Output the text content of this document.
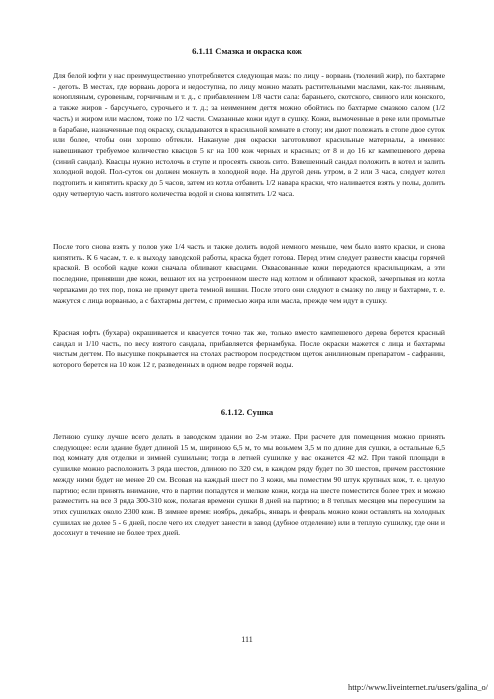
6.1.11 Смазка и окраска кож

Для белой юфти у нас преимущественно употребляется следующая мазь: по лицу - ворвань (тюлений жир), по бахтарме - деготь. В местах, где ворвань дорога и недоступна, по лицу можно мазать растительными маслами, как-то: льняным, конопляным, суровеным, горчичным и т. д., с прибавлением 1/8 части сала: бараньего, скотского, свиного или конского, а также жиров - барсучьего, сурочьего и т. д.; за неимением дегтя можно обойтись по бахтарме смазкою салом (1/2 часть) и жиром или маслом, тоже по 1/2 части. Смазанные кожи идут в сушку. Кожи, вымоченные в реке или промытые в барабане, назначенные под окраску, складываются в красильной комнате в стопу; им дают полежать в стопе двое суток или более, чтобы они хорошо обтекли. Накануне дня окраски заготовляют красильные материалы, а именно: навешивают требуемое количество квасцов 5 кг на 100 кож черных и красных; от 8 и до 16 кг кампешевого дерева (синий сандал). Квасцы нужно истолочь в ступе и просеять сквозь сито. Взвешенный сандал положить в котел и залить холодной водой. Пол-суток он должен мокнуть в холодной воде. На другой день утром, в 2 или 3 часа, следует котел подтопить и кипятить краску до 5 часов, затем из котла отбавить 1/2 навара краски, что наливается взять у полы, долить одну четвертую часть взятого количества водой и снова кипятить 1/2 часа.

После того снова взять у полов уже 1/4 часть и также долить водой немного меньше, чем было взято краски, и снова кипятить. К 6 часам, т. е. к выходу заводской работы, краска будет готова. Перед этим следует развести квасцы горячей краской. В особой кадке кожи сначала обливают квасцами. Оквасованные кожи передаются красильщикам, а эти последние, принявши две кожи, вешают их на устроенном шесте над котлом и обливают краской, зачерпывая из котла черпаками до тех пор, пока не примут цвета темной вишни. После этого они следуют в смазку по лицу и бахтарме, т. е. мажутся с лица ворванью, а с бахтармы дегтем, с примесью жира или масла, прежде чем идут в сушку.

Красная юфть (бухара) окрашивается и квасуется точно так же, только вместо кампешевого дерева берется красный сандал и 1/10 часть, по весу взятого сандала, прибавляется фернамбука. После окраски мажется с лица и бахтармы чистым дегтем. По высушке покрывается на столах раствором посредством щеток анилиновым препаратом - сафранин, которого берется на 10 кож 12 г, разведенных в одном ведре горячей воды.

6.1.12. Сушка

Летнюю сушку лучше всего делать в заводском здании во 2-м этаже. При расчете для помещения можно принять следующее: если здание будет длиной 15 м, шириною 6,5 м, то мы возьмем 3,5 м по длине для сушки, а остальные 6,5 под комнату для отделки и зимней сушильни; тогда в летней сушилке у вас окажется 42 м2. При такой площади в сушилке можно расположить 3 ряда шестов, длиною по 320 см, в каждом ряду будет по 30 шестов, причем расстояние между ними будет не менее 20 см. Всовая на каждый шест по 3 кожи, мы поместим 90 штук крупных кож, т. е. целую партию; если принять внимание, что в партии попадутся и мелкие кожи, когда на шесте поместится более трех и можно разместить на все 3 ряда 300-310 кож, полагая времени сушки 8 дней на партию; в 8 теплых месяцев мы пересушим за этих сушилках около 2300 кож. В зимнее время: ноябрь, декабрь, январь и февраль можно кожи оставлять на холодных сушилах не долее 5 - 6 дней, после чего их следует занести в завод (дубное отделение) или в теплую сушилку, где они и досохнут в течение не более трех дней.

111
http://www.liveinternet.ru/users/galina_o/
